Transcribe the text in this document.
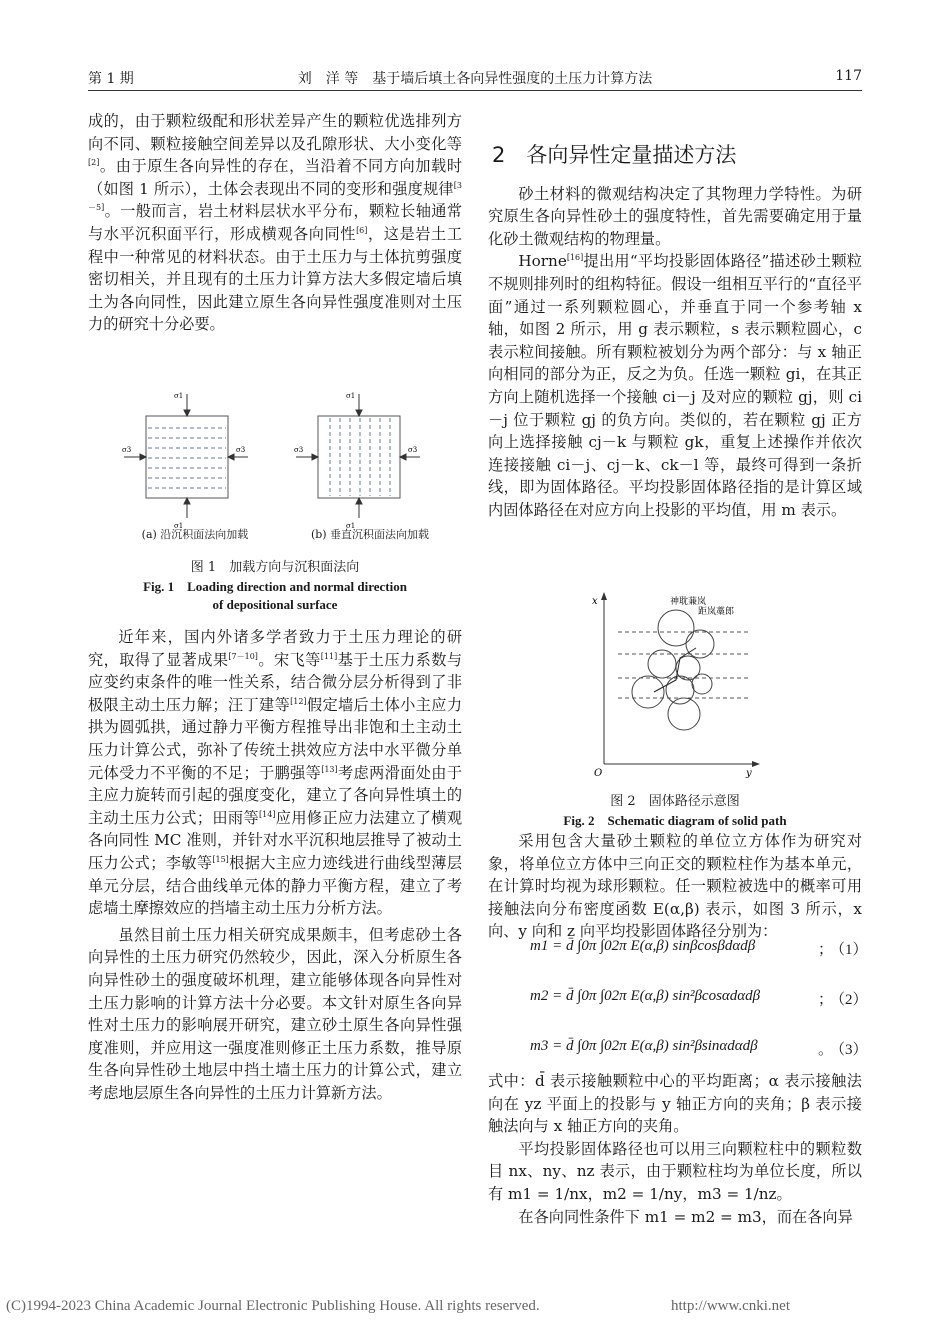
第 1 期	刘　洋 等　基于墙后填土各向异性强度的土压力计算方法	117

成的，由于颗粒级配和形状差异产生的颗粒优选排列方向不同、颗粒接触空间差异以及孔隙形状、大小变化等[2]。由于原生各向异性的存在，当沿着不同方向加载时（如图 1 所示），土体会表现出不同的变形和强度规律[3－5]。一般而言，岩土材料层状水平分布，颗粒长轴通常与水平沉积面平行，形成横观各向同性[6]，这是岩土工程中一种常见的材料状态。由于土压力与土体抗剪强度密切相关，并且现有的土压力计算方法大多假定墙后填土为各向同性，因此建立原生各向异性强度准则对土压力的研究十分必要。

σ1
σ1
σ3	σ3
σ1
σ1
σ3	σ3
(a) 沿沉积面法向加载	(b) 垂直沉积面法向加载
图 1　加载方向与沉积面法向
Fig. 1　Loading direction and normal direction
of depositional surface

近年来，国内外诸多学者致力于土压力理论的研究，取得了显著成果[7－10]。宋飞等[11]基于土压力系数与应变约束条件的唯一性关系，结合微分层分析得到了非极限主动土压力解；汪丁建等[12]假定墙后土体小主应力拱为圆弧拱，通过静力平衡方程推导出非饱和土主动土压力计算公式，弥补了传统土拱效应方法中水平微分单元体受力不平衡的不足；于鹏强等[13]考虑两滑面处由于主应力旋转而引起的强度变化，建立了各向异性填土的主动土压力公式；田雨等[14]应用修正应力法建立了横观各向同性 MC 准则，并针对水平沉积地层推导了被动土压力公式；李敏等[15]根据大主应力迹线进行曲线型薄层单元分层，结合曲线单元体的静力平衡方程，建立了考虑墙土摩擦效应的挡墙主动土压力分析方法。

虽然目前土压力相关研究成果颇丰，但考虑砂土各向异性的土压力研究仍然较少，因此，深入分析原生各向异性砂土的强度破坏机理，建立能够体现各向异性对土压力影响的计算方法十分必要。本文针对原生各向异性对土压力的影响展开研究，建立砂土原生各向异性强度准则，并应用这一强度准则修正土压力系数，推导原生各向异性砂土地层中挡土墙土压力的计算公式，建立考虑地层原生各向异性的土压力计算新方法。

2　各向异性定量描述方法

砂土材料的微观结构决定了其物理力学特性。为研究原生各向异性砂土的强度特性，首先需要确定用于量化砂土微观结构的物理量。

Horne[16]提出用“平均投影固体路径”描述砂土颗粒不规则排列时的组构特征。假设一组相互平行的“直径平面”通过一系列颗粒圆心，并垂直于同一个参考轴 x 轴，如图 2 所示，用 g 表示颗粒，s 表示颗粒圆心，c 表示粒间接触。所有颗粒被划分为两个部分：与 x 轴正向相同的部分为正，反之为负。任选一颗粒 gi，在其正方向上随机选择一个接触 ci－j 及对应的颗粒 gj，则 ci－j 位于颗粒 gj 的负方向。类似的，若在颗粒 gj 正方向上选择接触 cj－k 与颗粒 gk，重复上述操作并依次连接接触 ci－j、cj－k、ck－l 等，最终可得到一条折线，即为固体路径。平均投影固体路径指的是计算区域内固体路径在对应方向上投影的平均值，用 m 表示。

x
y
O
神耽蒹岚
距岚藁郎
图 2　固体路径示意图
Fig. 2　Schematic diagram of solid path

采用包含大量砂土颗粒的单位立方体作为研究对象，将单位立方体中三向正交的颗粒柱作为基本单元，在计算时均视为球形颗粒。任一颗粒被选中的概率可用接触法向分布密度函数 E(α,β) 表示，如图 3 所示，x 向、y 向和 z 向平均投影固体路径分别为：

m1 = d̄ ∫0π ∫02π E(α,β) sinβcosβdαdβ	；
（1）
m2 = d̄ ∫0π ∫02π E(α,β) sin²βcosαdαdβ	；
（2）
m3 = d̄ ∫0π ∫02π E(α,β) sin²βsinαdαdβ	。
（3）

式中：d̄ 表示接触颗粒中心的平均距离；α 表示接触法向在 yz 平面上的投影与 y 轴正方向的夹角；β 表示接触法向与 x 轴正方向的夹角。

平均投影固体路径也可以用三向颗粒柱中的颗粒数目 nx、ny、nz 表示，由于颗粒柱均为单位长度，所以有 m1 = 1/nx，m2 = 1/ny，m3 = 1/nz。

在各向同性条件下 m1 = m2 = m3，而在各向异

(C)1994-2023 China Academic Journal Electronic Publishing House. All rights reserved.	http://www.cnki.net
